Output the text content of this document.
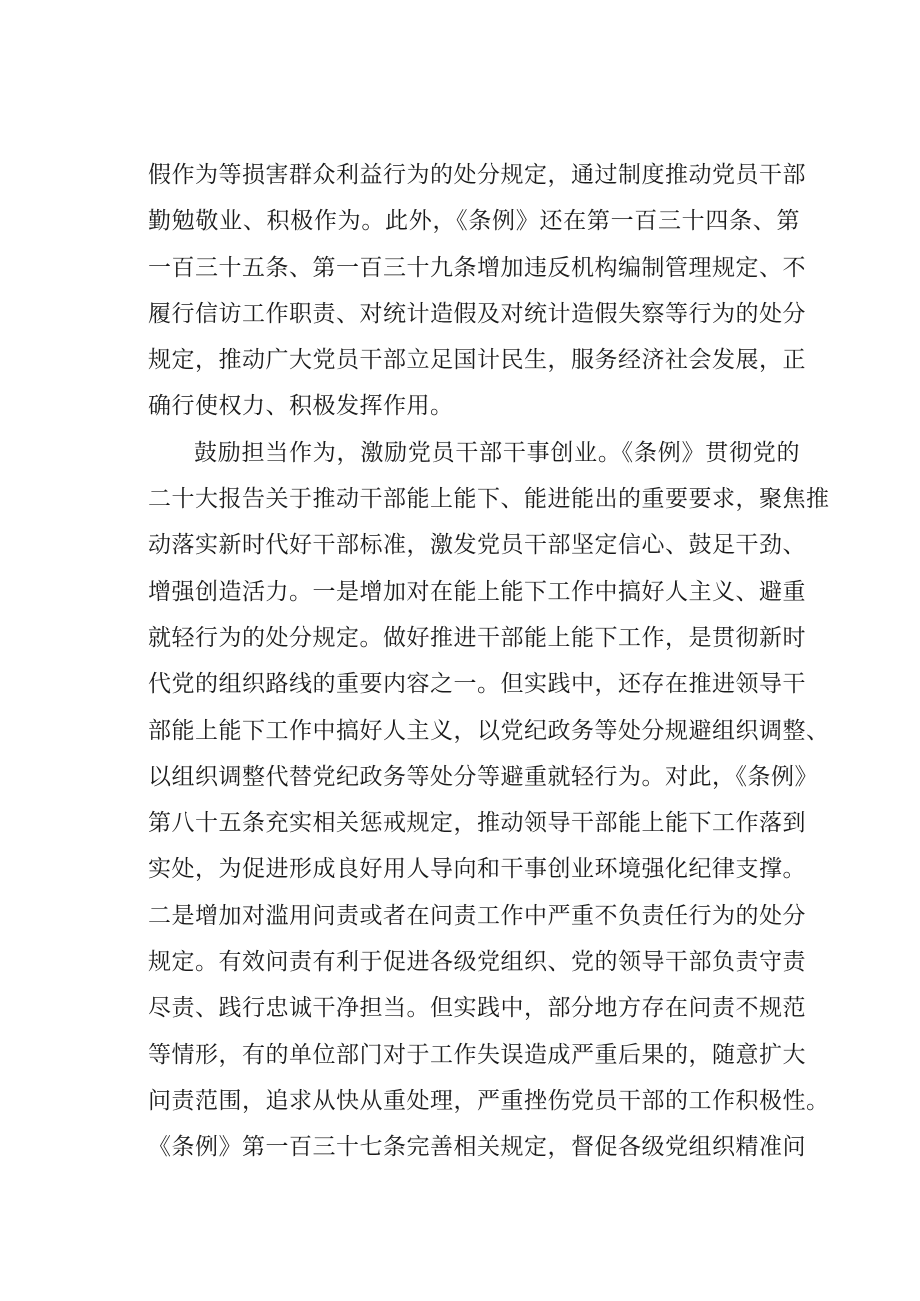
假作为等损害群众利益行为的处分规定，通过制度推动党员干部
勤勉敬业、积极作为。此外，《条例》还在第一百三十四条、第
一百三十五条、第一百三十九条增加违反机构编制管理规定、不
履行信访工作职责、对统计造假及对统计造假失察等行为的处分
规定，推动广大党员干部立足国计民生，服务经济社会发展，正
确行使权力、积极发挥作用。
鼓励担当作为，激励党员干部干事创业。《条例》贯彻党的
二十大报告关于推动干部能上能下、能进能出的重要要求，聚焦推
动落实新时代好干部标准，激发党员干部坚定信心、鼓足干劲、
增强创造活力。一是增加对在能上能下工作中搞好人主义、避重
就轻行为的处分规定。做好推进干部能上能下工作，是贯彻新时
代党的组织路线的重要内容之一。但实践中，还存在推进领导干
部能上能下工作中搞好人主义，以党纪政务等处分规避组织调整、
以组织调整代替党纪政务等处分等避重就轻行为。对此，《条例》
第八十五条充实相关惩戒规定，推动领导干部能上能下工作落到
实处，为促进形成良好用人导向和干事创业环境强化纪律支撑。
二是增加对滥用问责或者在问责工作中严重不负责任行为的处分
规定。有效问责有利于促进各级党组织、党的领导干部负责守责
尽责、践行忠诚干净担当。但实践中，部分地方存在问责不规范
等情形，有的单位部门对于工作失误造成严重后果的，随意扩大
问责范围，追求从快从重处理，严重挫伤党员干部的工作积极性。
《条例》第一百三十七条完善相关规定，督促各级党组织精准问
